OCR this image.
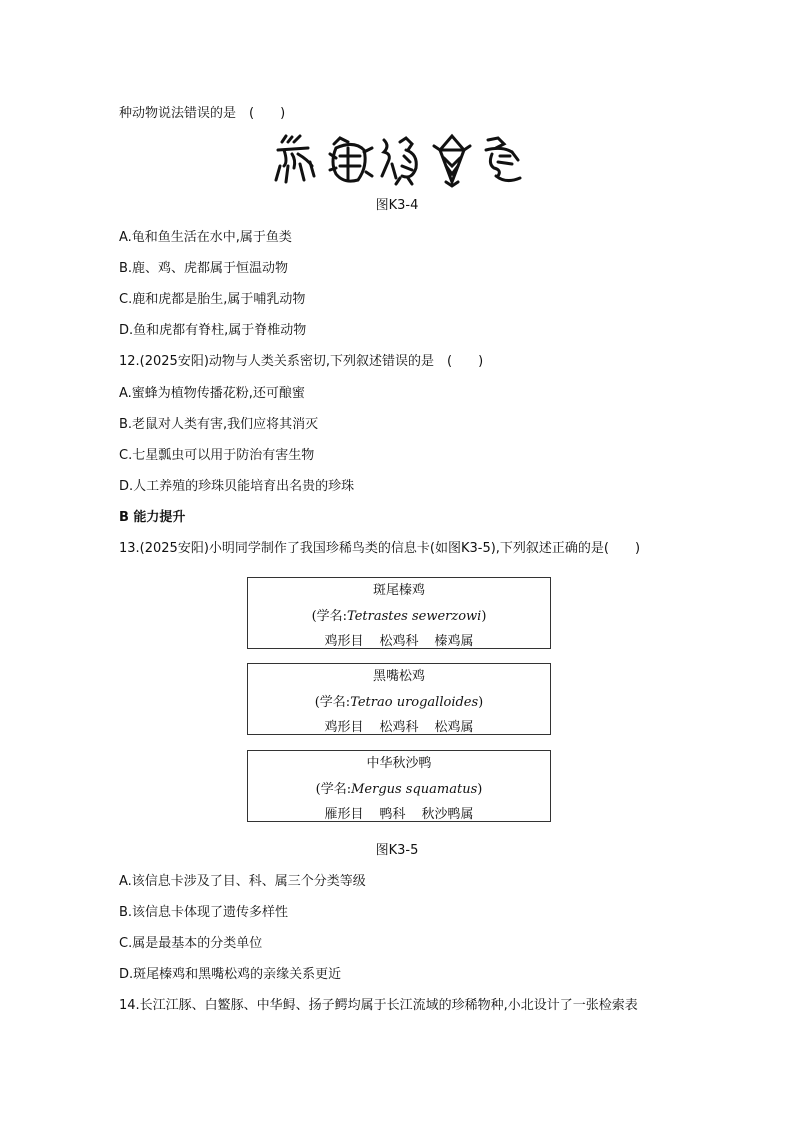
种动物说法错误的是　(　　)
图K3-4
A.龟和鱼生活在水中,属于鱼类
B.鹿、鸡、虎都属于恒温动物
C.鹿和虎都是胎生,属于哺乳动物
D.鱼和虎都有脊柱,属于脊椎动物
12.(2025安阳)动物与人类关系密切,下列叙述错误的是　(　　)
A.蜜蜂为植物传播花粉,还可酿蜜
B.老鼠对人类有害,我们应将其消灭
C.七星瓢虫可以用于防治有害生物
D.人工养殖的珍珠贝能培育出名贵的珍珠
B 能力提升
13.(2025安阳)小明同学制作了我国珍稀鸟类的信息卡(如图K3-5),下列叙述正确的是(　　)
斑尾榛鸡
(学名:Tetrastes sewerzowi)
鸡形目 松鸡科 榛鸡属
黑嘴松鸡
(学名:Tetrao urogalloides)
鸡形目 松鸡科 松鸡属
中华秋沙鸭
(学名:Mergus squamatus)
雁形目 鸭科 秋沙鸭属
图K3-5
A.该信息卡涉及了目、科、属三个分类等级
B.该信息卡体现了遗传多样性
C.属是最基本的分类单位
D.斑尾榛鸡和黑嘴松鸡的亲缘关系更近
14.长江江豚、白鳘豚、中华鲟、扬子鳄均属于长江流域的珍稀物种,小北设计了一张检索表
